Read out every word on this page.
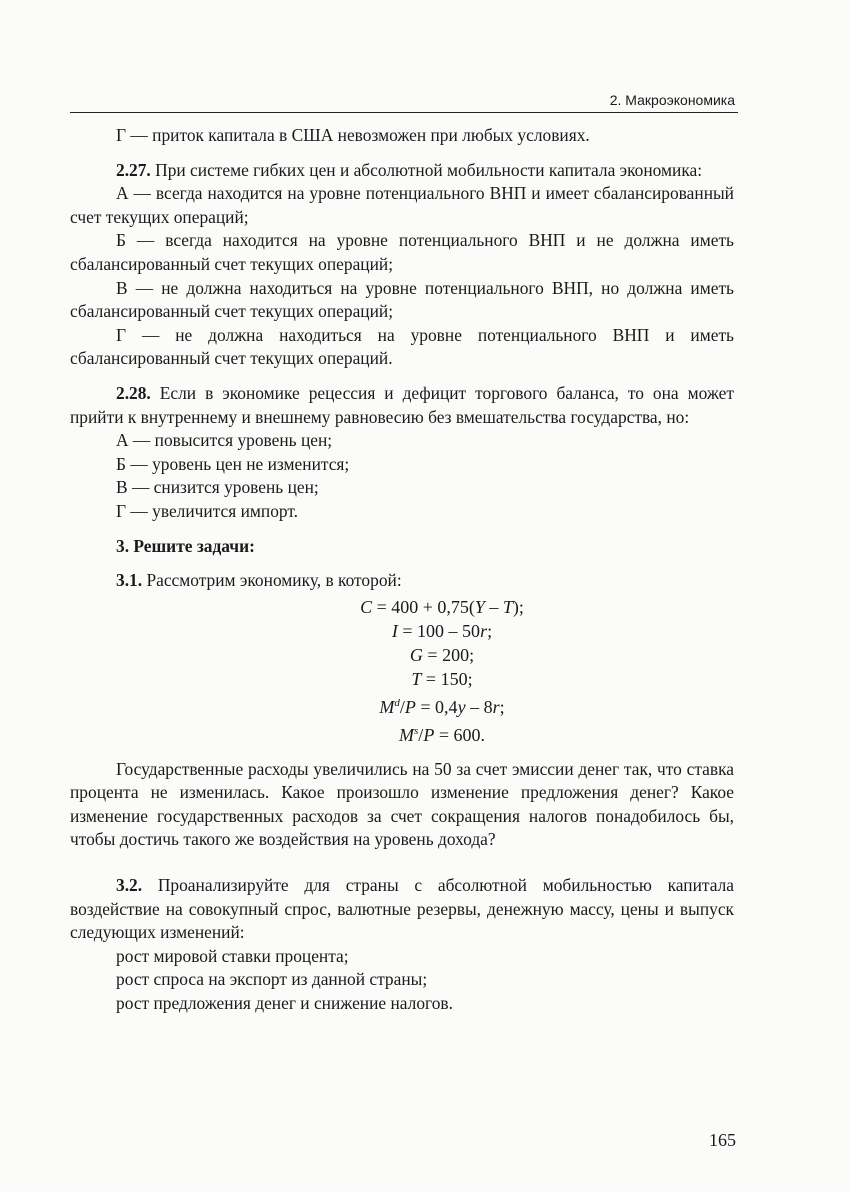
2. Макроэкономика

Г — приток капитала в США невозможен при любых условиях.

2.27. При системе гибких цен и абсолютной мобильности капитала экономика:

А — всегда находится на уровне потенциального ВНП и имеет сбалансированный счет текущих операций;

Б — всегда находится на уровне потенциального ВНП и не должна иметь сбалансированный счет текущих операций;

В — не должна находиться на уровне потенциального ВНП, но должна иметь сбалансированный счет текущих операций;

Г — не должна находиться на уровне потенциального ВНП и иметь сбалансированный счет текущих операций.

2.28. Если в экономике рецессия и дефицит торгового баланса, то она может прийти к внутреннему и внешнему равновесию без вмешательства государства, но:

А — повысится уровень цен;

Б — уровень цен не изменится;

В — снизится уровень цен;

Г — увеличится импорт.

3. Решите задачи:

3.1. Рассмотрим экономику, в которой:

C = 400 + 0,75(Y – T);
I = 100 – 50r;
G = 200;
T = 150;
$M^d/P = 0,4y - 8r$;
$M^s/P = 600$.

Государственные расходы увеличились на 50 за счет эмиссии денег так, что ставка процента не изменилась. Какое произошло изменение предложения денег? Какое изменение государственных расходов за счет сокращения налогов понадобилось бы, чтобы достичь такого же воздействия на уровень дохода?

3.2. Проанализируйте для страны с абсолютной мобильностью капитала воздействие на совокупный спрос, валютные резервы, денежную массу, цены и выпуск следующих изменений:

рост мировой ставки процента;

рост спроса на экспорт из данной страны;

рост предложения денег и снижение налогов.

165
